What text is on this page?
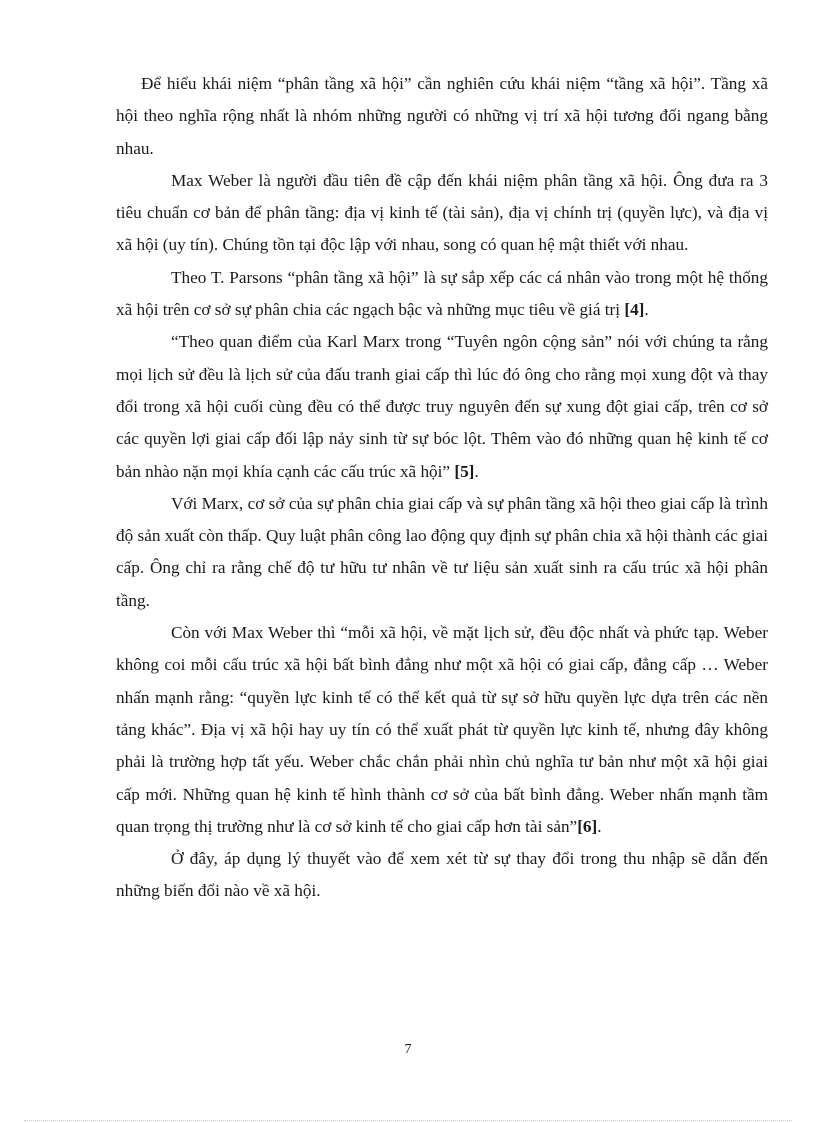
Để hiểu khái niệm “phân tầng xã hội” cần nghiên cứu khái niệm “tầng xã hội”. Tầng xã hội theo nghĩa rộng nhất là nhóm những người có những vị trí xã hội tương đối ngang bằng nhau.

Max Weber là người đầu tiên đề cập đến khái niệm phân tầng xã hội. Ông đưa ra 3 tiêu chuẩn cơ bản để phân tầng: địa vị kinh tế (tài sản), địa vị chính trị (quyền lực), và địa vị xã hội (uy tín). Chúng tồn tại độc lập với nhau, song có quan hệ mật thiết với nhau.

Theo T. Parsons “phân tầng xã hội” là sự sắp xếp các cá nhân vào trong một hệ thống xã hội trên cơ sở sự phân chia các ngạch bậc và những mục tiêu về giá trị [4].

“Theo quan điểm của Karl Marx trong “Tuyên ngôn cộng sản” nói với chúng ta rằng mọi lịch sử đều là lịch sử của đấu tranh giai cấp thì lúc đó ông cho rằng mọi xung đột và thay đổi trong xã hội cuối cùng đều có thể được truy nguyên đến sự xung đột giai cấp, trên cơ sở các quyền lợi giai cấp đối lập nảy sinh từ sự bóc lột. Thêm vào đó những quan hệ kinh tế cơ bản nhào nặn mọi khía cạnh các cấu trúc xã hội” [5].

Với Marx, cơ sở của sự phân chia giai cấp và sự phân tầng xã hội theo giai cấp là trình độ sản xuất còn thấp. Quy luật phân công lao động quy định sự phân chia xã hội thành các giai cấp. Ông chỉ ra rằng chế độ tư hữu tư nhân về tư liệu sản xuất sinh ra cấu trúc xã hội phân tầng.

Còn với Max Weber thì “mỗi xã hội, về mặt lịch sử, đều độc nhất và phức tạp. Weber không coi mỗi cấu trúc xã hội bất bình đẳng như một xã hội có giai cấp, đẳng cấp … Weber nhấn mạnh rằng: “quyền lực kinh tế có thể kết quả từ sự sở hữu quyền lực dựa trên các nền tảng khác”. Địa vị xã hội hay uy tín có thể xuất phát từ quyền lực kinh tế, nhưng đây không phải là trường hợp tất yếu. Weber chắc chắn phải nhìn chủ nghĩa tư bản như một xã hội giai cấp mới. Những quan hệ kinh tế hình thành cơ sở của bất bình đẳng. Weber nhấn mạnh tầm quan trọng thị trường như là cơ sở kinh tế cho giai cấp hơn tài sản”[6].

Ở đây, áp dụng lý thuyết vào để xem xét từ sự thay đổi trong thu nhập sẽ dẫn đến những biến đổi nào về xã hội.

7
